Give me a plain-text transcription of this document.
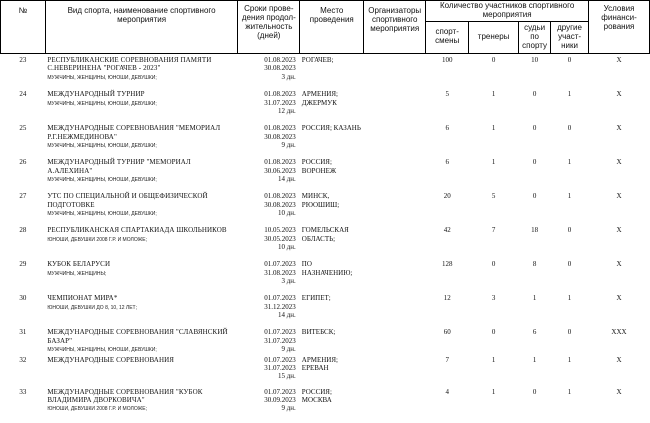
№	Вид спорта, наименование спортивного мероприятия	Сроки прове- дения продол- жительность (дней)	Место проведения	Организаторы спортивного мероприятия	Количество участников спортивного мероприятия				Условия финанси- рования
					спорт- смены	тренеры	судьи по спорту	другие участ- ники	
23	РЕСПУБЛИКАНСКИЕ СОРЕВНОВАНИЯ ПАМЯТИ С.НЕВЕРИНЕНА "РОГАЧЕВ - 2023"
МУЖЧИНЫ, ЖЕНЩИНЫ, ЮНОШИ, ДЕВУШКИ;	01.08.2023
30.08.2023
3 дн.	РОГАЧЕВ;		100	0	10	0	X
24	МЕЖДУНАРОДНЫЙ ТУРНИР
МУЖЧИНЫ, ЖЕНЩИНЫ, ЮНОШИ, ДЕВУШКИ;	01.08.2023
31.07.2023
12 дн.	АРМЕНИЯ; ДЖЕРМУК		5	1	0	1	X
25	МЕЖДУНАРОДНЫЕ СОРЕВНОВАНИЯ "МЕМОРИАЛ Р.Г.НЕЖМЕДИНОВА"
МУЖЧИНЫ, ЖЕНЩИНЫ, ЮНОШИ, ДЕВУШКИ;	01.08.2023
30.08.2023
9 дн.	РОССИЯ; КАЗАНЬ		6	1	0	0	X
26	МЕЖДУНАРОДНЫЙ ТУРНИР "МЕМОРИАЛ А.АЛЕХИНА"
МУЖЧИНЫ, ЖЕНЩИНЫ, ЮНОШИ, ДЕВУШКИ;	01.08.2023
30.06.2023
14 дн.	РОССИЯ; ВОРОНЕЖ		6	1	0	1	X
27	УТС ПО СПЕЦИАЛЬНОЙ И ОБЩЕФИЗИЧЕСКОЙ ПОДГОТОВКЕ
МУЖЧИНЫ, ЖЕНЩИНЫ, ЮНОШИ, ДЕВУШКИ;	01.08.2023
30.08.2023
10 дн.	МИНСК, РЮОШИШ;		20	5	0	1	X
28	РЕСПУБЛИКАНСКАЯ СПАРТАКИАДА ШКОЛЬНИКОВ
ЮНОШИ, ДЕВУШКИ 2008 Г.Р. И МОЛОЖЕ;	10.05.2023
30.05.2023
10 дн.	ГОМЕЛЬСКАЯ ОБЛАСТЬ;		42	7	18	0	X
29	КУБОК БЕЛАРУСИ
МУЖЧИНЫ, ЖЕНЩИНЫ;	01.07.2023
31.08.2023
3 дн.	ПО НАЗНАЧЕНИЮ;		128	0	8	0	X
30	ЧЕМПИОНАТ МИРА*
ЮНОШИ, ДЕВУШКИ ДО 8, 10, 12 ЛЕТ;	01.07.2023
31.12.2023
14 дн.	ЕГИПЕТ;		12	3	1	1	X
31	МЕЖДУНАРОДНЫЕ СОРЕВНОВАНИЯ "СЛАВЯНСКИЙ БАЗАР"
МУЖЧИНЫ, ЖЕНЩИНЫ, ЮНОШИ, ДЕВУШКИ;	01.07.2023
31.07.2023
9 дн.	ВИТЕБСК;		60	0	6	0	XXX
32	МЕЖДУНАРОДНЫЕ СОРЕВНОВАНИЯ	01.07.2023
31.07.2023
15 дн.	АРМЕНИЯ; ЕРЕВАН		7	1	1	1	X
33	МЕЖДУНАРОДНЫЕ СОРЕВНОВАНИЯ "КУБОК ВЛАДИМИРА ДВОРКОВИЧА"
ЮНОШИ, ДЕВУШКИ 2008 Г.Р. И МОЛОЖЕ;	01.07.2023
30.09.2023
9 дн.	РОССИЯ; МОСКВА		4	1	0	1	X
